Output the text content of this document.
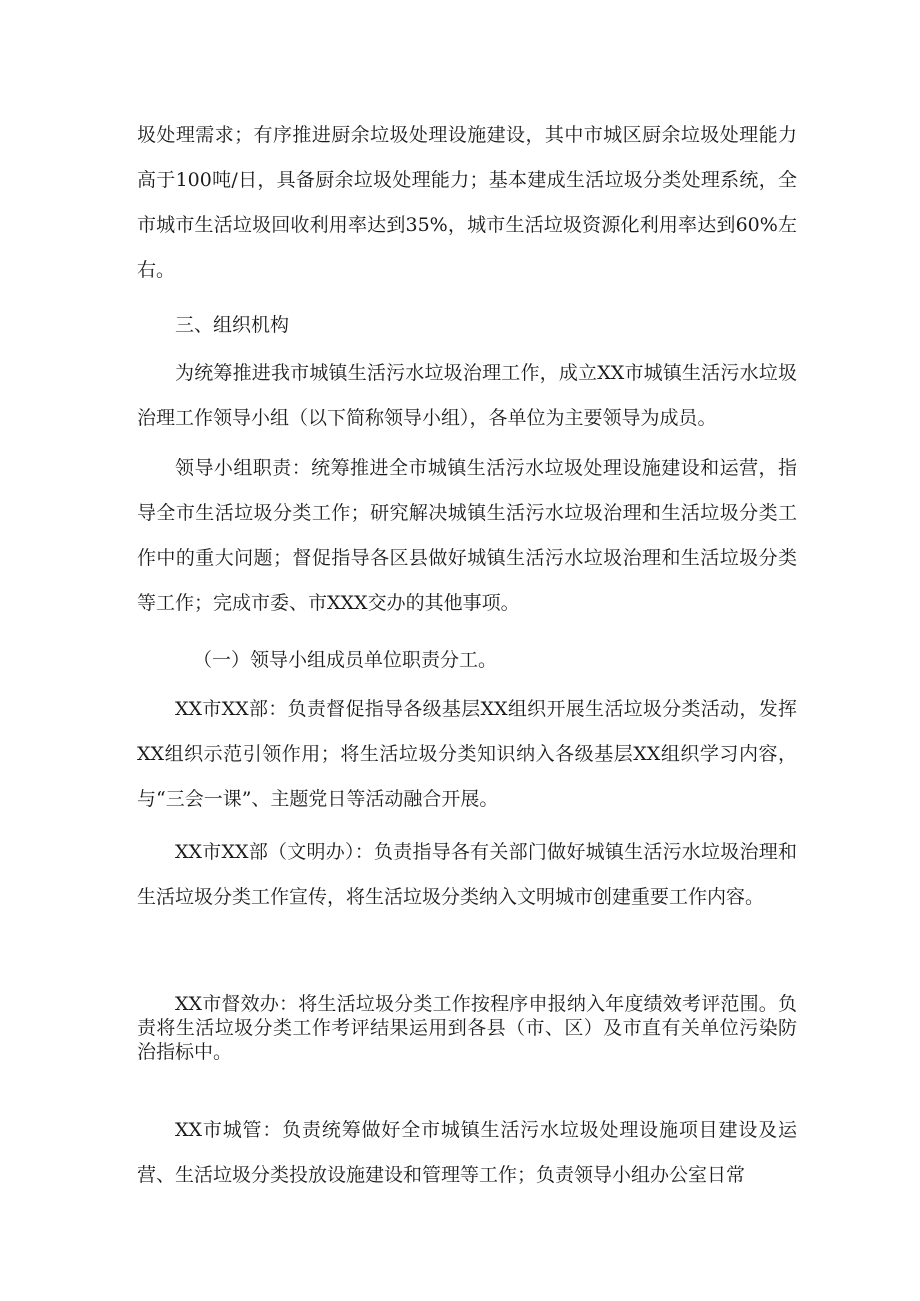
圾处理需求；有序推进厨余垃圾处理设施建设，其中市城区厨余垃圾处理能力高于100吨/日，具备厨余垃圾处理能力；基本建成生活垃圾分类处理系统，全市城市生活垃圾回收利用率达到35%，城市生活垃圾资源化利用率达到60%左右。

三、组织机构

为统筹推进我市城镇生活污水垃圾治理工作，成立XX市城镇生活污水垃圾治理工作领导小组（以下简称领导小组），各单位为主要领导为成员。

领导小组职责：统筹推进全市城镇生活污水垃圾处理设施建设和运营，指导全市生活垃圾分类工作；研究解决城镇生活污水垃圾治理和生活垃圾分类工作中的重大问题；督促指导各区县做好城镇生活污水垃圾治理和生活垃圾分类等工作；完成市委、市XXX交办的其他事项。

（一）领导小组成员单位职责分工。

XX市XX部：负责督促指导各级基层XX组织开展生活垃圾分类活动，发挥XX组织示范引领作用；将生活垃圾分类知识纳入各级基层XX组织学习内容，与“三会一课”、主题党日等活动融合开展。

XX市XX部（文明办）：负责指导各有关部门做好城镇生活污水垃圾治理和生活垃圾分类工作宣传，将生活垃圾分类纳入文明城市创建重要工作内容。

XX市督效办：将生活垃圾分类工作按程序申报纳入年度绩效考评范围。负责将生活垃圾分类工作考评结果运用到各县（市、区）及市直有关单位污染防治指标中。

XX市城管：负责统筹做好全市城镇生活污水垃圾处理设施项目建设及运营、生活垃圾分类投放设施建设和管理等工作；负责领导小组办公室日常
